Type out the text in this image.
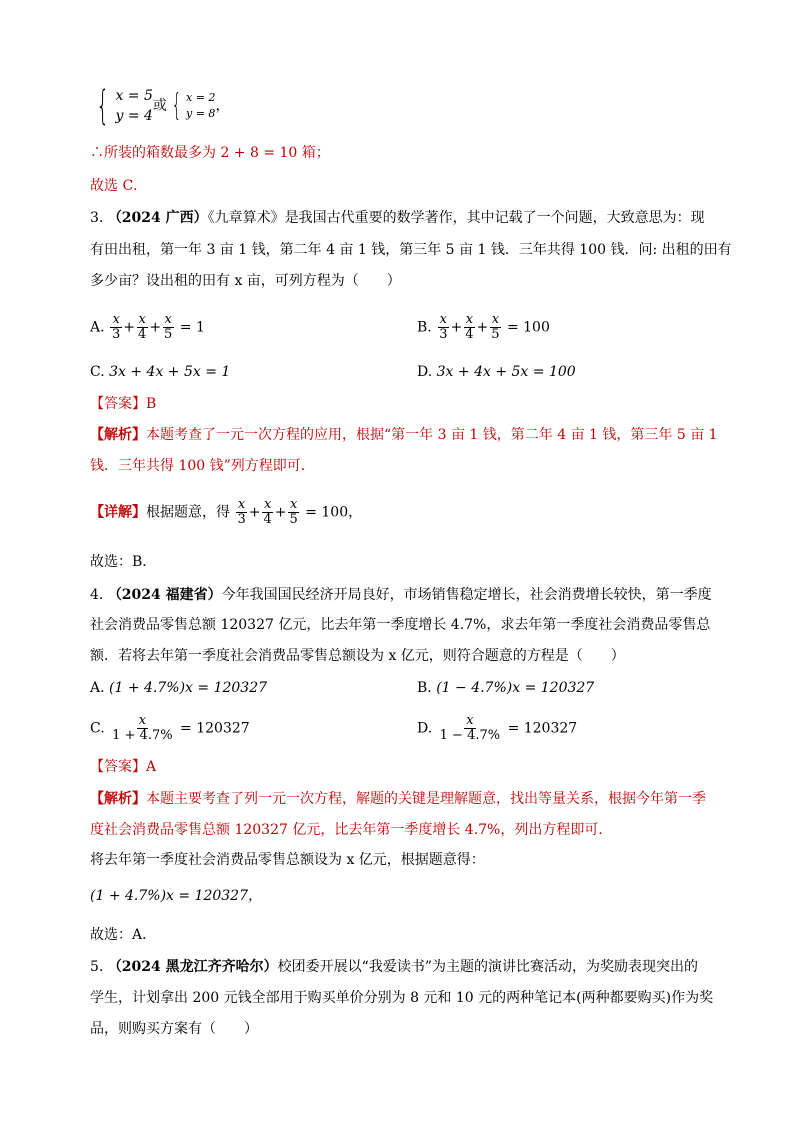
{ x = 5
y = 4
或 { x = 2
y = 8 ，
∴所装的箱数最多为 2 + 8 = 10 箱；
故选 C．
3. （2024 广西）《九章算术》是我国古代重要的数学著作，其中记载了一个问题，大致意思为：现
有田出租，第一年 3 亩 1 钱，第二年 4 亩 1 钱，第三年 5 亩 1 钱．三年共得 100 钱．问: 出租的田有
多少亩？设出租的田有 x 亩，可列方程为（　　）
A. $\frac{x}{3} + \frac{x}{4} + \frac{x}{5} = 1$	B. $\frac{x}{3} + \frac{x}{4} + \frac{x}{5} = 100$
C. 3x + 4x + 5x = 1	D. 3x + 4x + 5x = 100
【答案】B
【解析】本题考查了一元一次方程的应用，根据“第一年 3 亩 1 钱，第二年 4 亩 1 钱，第三年 5 亩 1
钱．三年共得 100 钱”列方程即可．
【详解】根据题意，得 $\frac{x}{3} + \frac{x}{4} + \frac{x}{5} = 100$，
故选：B．
4. （2024 福建省）今年我国国民经济开局良好，市场销售稳定增长，社会消费增长较快，第一季度
社会消费品零售总额 120327 亿元，比去年第一季度增长 4.7%，求去年第一季度社会消费品零售总
额．若将去年第一季度社会消费品零售总额设为 x 亿元，则符合题意的方程是（　　）
A. (1 + 4.7%)x = 120327	B. (1 − 4.7%)x = 120327
C. $\frac{x}{1 + 4.7\%} = 120327$	D. $\frac{x}{1 - 4.7\%} = 120327$
【答案】A
【解析】本题主要考查了列一元一次方程，解题的关键是理解题意，找出等量关系，根据今年第一季
度社会消费品零售总额 120327 亿元，比去年第一季度增长 4.7%，列出方程即可．
将去年第一季度社会消费品零售总额设为 x 亿元，根据题意得：
(1 + 4.7%)x = 120327，
故选：A．
5. （2024 黑龙江齐齐哈尔）校团委开展以“我爱读书”为主题的演讲比赛活动，为奖励表现突出的
学生，计划拿出 200 元钱全部用于购买单价分别为 8 元和 10 元的两种笔记本(两种都要购买)作为奖
品，则购买方案有（　　）
